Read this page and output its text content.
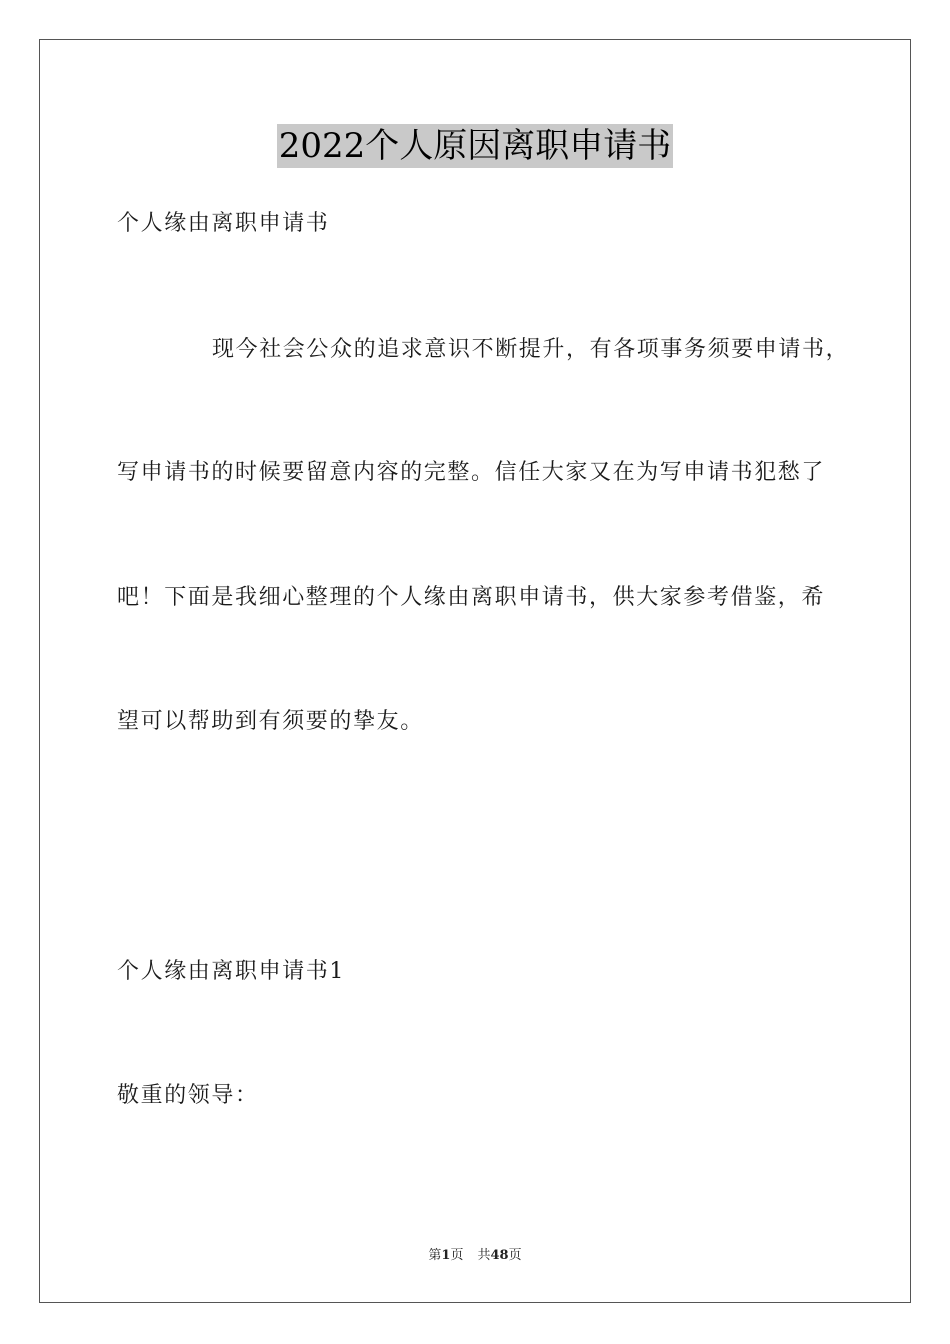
2022个人原因离职申请书
个人缘由离职申请书
现今社会公众的追求意识不断提升，有各项事务须要申请书，
写申请书的时候要留意内容的完整。信任大家又在为写申请书犯愁了
吧！下面是我细心整理的个人缘由离职申请书，供大家参考借鉴，希
望可以帮助到有须要的挚友。
个人缘由离职申请书1
敬重的领导：
第1页 共48页
